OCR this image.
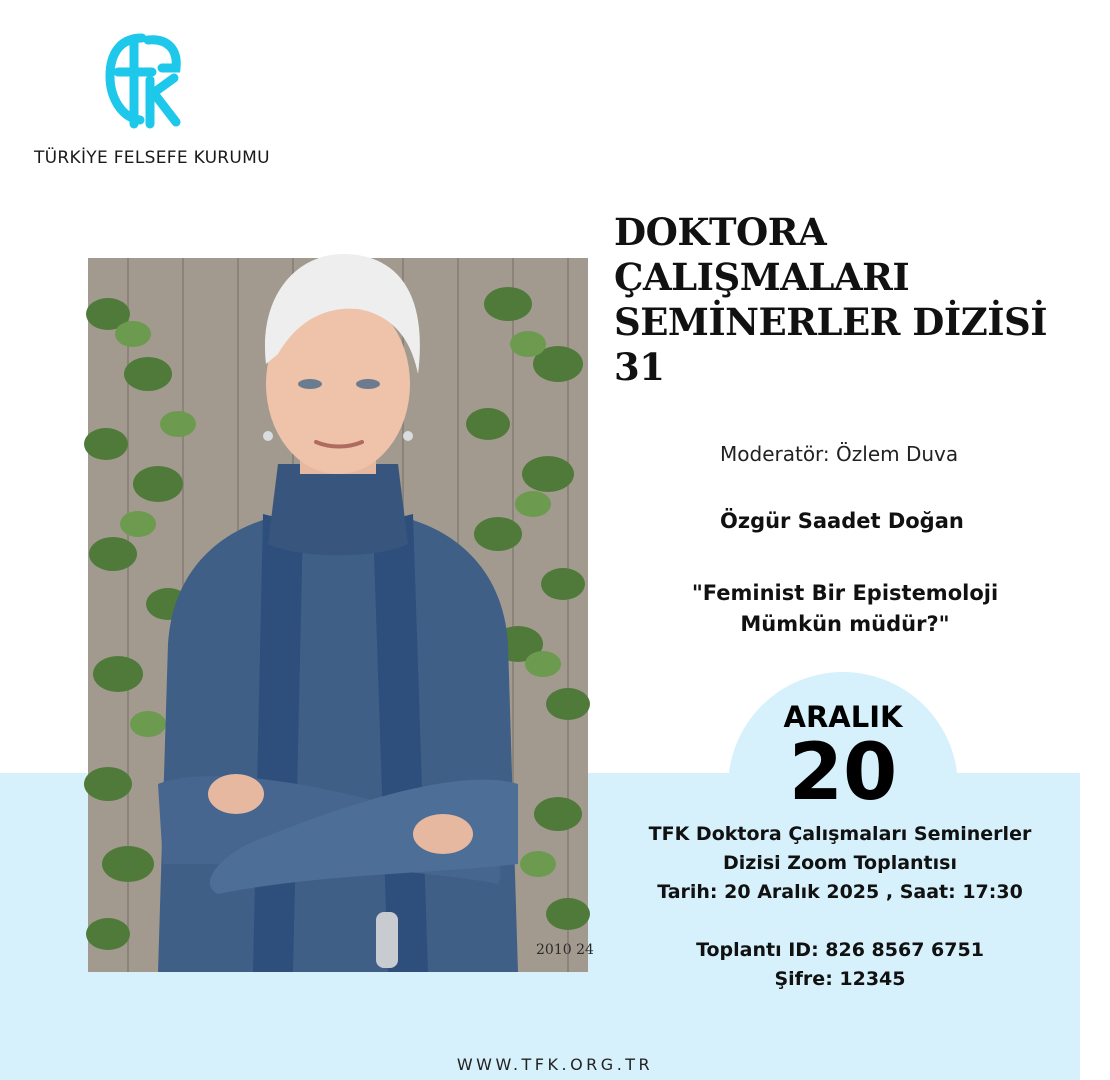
TÜRKİYE FELSEFE KURUMU
2010 24
DOKTORA
ÇALIŞMALARI
SEMİNERLER DİZİSİ
31
Moderatör: Özlem Duva
Özgür Saadet Doğan
"Feminist Bir Epistemoloji
Mümkün müdür?"
ARALIK
20
TFK Doktora Çalışmaları Seminerler
Dizisi Zoom Toplantısı
Tarih: 20 Aralık 2025 , Saat: 17:30
Toplantı ID: 826 8567 6751
Şifre: 12345
WWW.TFK.ORG.TR
